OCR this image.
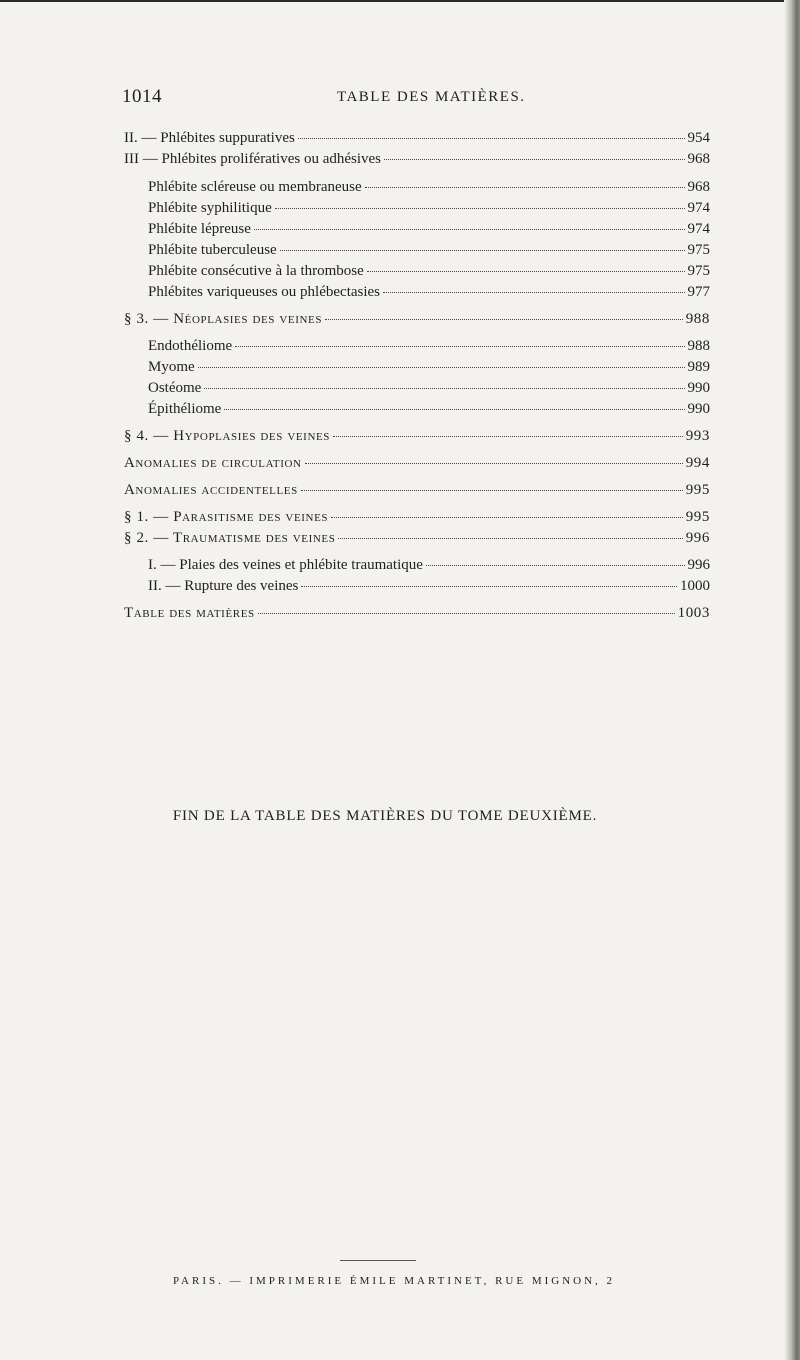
1014	TABLE DES MATIÈRES.
II. — Phlébites suppuratives	954
III — Phlébites prolifératives ou adhésives	968
Phlébite scléreuse ou membraneuse	968
Phlébite syphilitique	974
Phlébite lépreuse	974
Phlébite tuberculeuse	975
Phlébite consécutive à la thrombose	975
Phlébites variqueuses ou phlébectasies	977
§ 3. — Néoplasies des veines	988
Endothéliome	988
Myome	989
Ostéome	990
Épithéliome	990
§ 4. — Hypoplasies des veines	993
Anomalies de circulation	994
Anomalies accidentelles	995
§ 1. — Parasitisme des veines	995
§ 2. — Traumatisme des veines	996
I. — Plaies des veines et phlébite traumatique	996
II. — Rupture des veines	1000
Table des matières	1003
FIN DE LA TABLE DES MATIÈRES DU TOME DEUXIÈME.
PARIS. — IMPRIMERIE ÉMILE MARTINET, RUE MIGNON, 2
